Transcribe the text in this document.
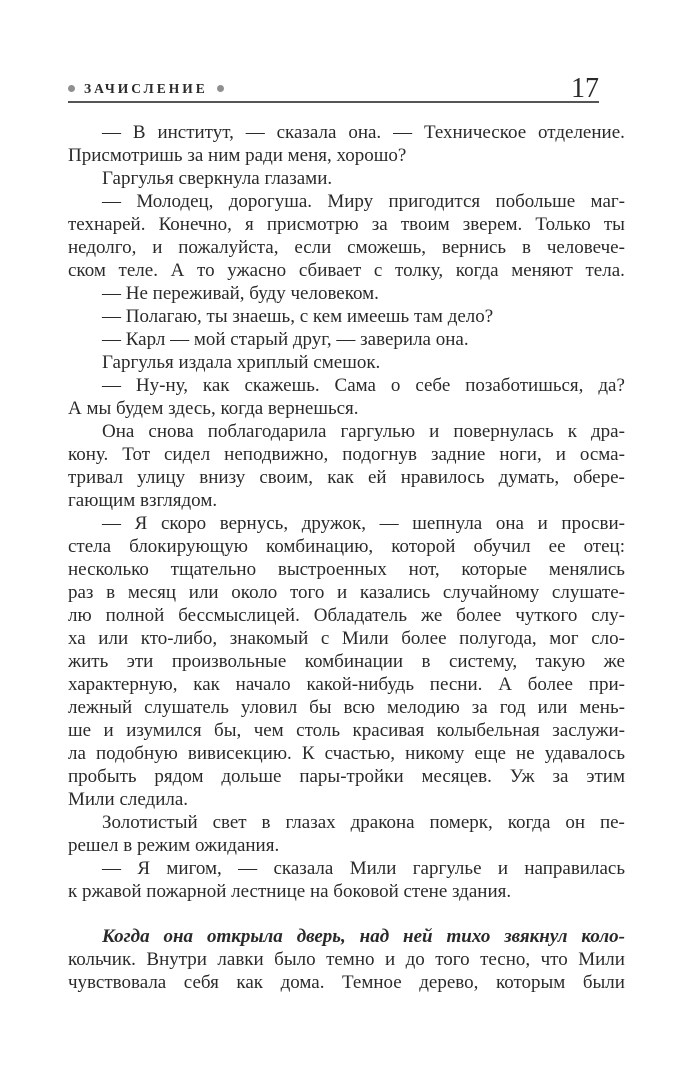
ЗАЧИСЛЕНИЕ	17
— В институт, — сказала она. — Техническое отделение.
Присмотришь за ним ради меня, хорошо?
Гаргулья сверкнула глазами.
— Молодец, дорогуша. Миру пригодится побольше маг-
технарей. Конечно, я присмотрю за твоим зверем. Только ты
недолго, и пожалуйста, если сможешь, вернись в человече-
ском теле. А то ужасно сбивает с толку, когда меняют тела.
— Не переживай, буду человеком.
— Полагаю, ты знаешь, с кем имеешь там дело?
— Карл — мой старый друг, — заверила она.
Гаргулья издала хриплый смешок.
— Ну-ну, как скажешь. Сама о себе позаботишься, да?
А мы будем здесь, когда вернешься.
Она снова поблагодарила гаргулью и повернулась к дра-
кону. Тот сидел неподвижно, подогнув задние ноги, и осма-
тривал улицу внизу своим, как ей нравилось думать, обере-
гающим взглядом.
— Я скоро вернусь, дружок, — шепнула она и просви-
стела блокирующую комбинацию, которой обучил ее отец:
несколько тщательно выстроенных нот, которые менялись
раз в месяц или около того и казались случайному слушате-
лю полной бессмыслицей. Обладатель же более чуткого слу-
ха или кто-либо, знакомый с Мили более полугода, мог сло-
жить эти произвольные комбинации в систему, такую же
характерную, как начало какой-нибудь песни. А более при-
лежный слушатель уловил бы всю мелодию за год или мень-
ше и изумился бы, чем столь красивая колыбельная заслужи-
ла подобную вивисекцию. К счастью, никому еще не удавалось
пробыть рядом дольше пары-тройки месяцев. Уж за этим
Мили следила.
Золотистый свет в глазах дракона померк, когда он пе-
решел в режим ожидания.
— Я мигом, — сказала Мили гаргулье и направилась
к ржавой пожарной лестнице на боковой стене здания.
Когда она открыла дверь, над ней тихо звякнул коло-
кольчик. Внутри лавки было темно и до того тесно, что Мили
чувствовала себя как дома. Темное дерево, которым были
